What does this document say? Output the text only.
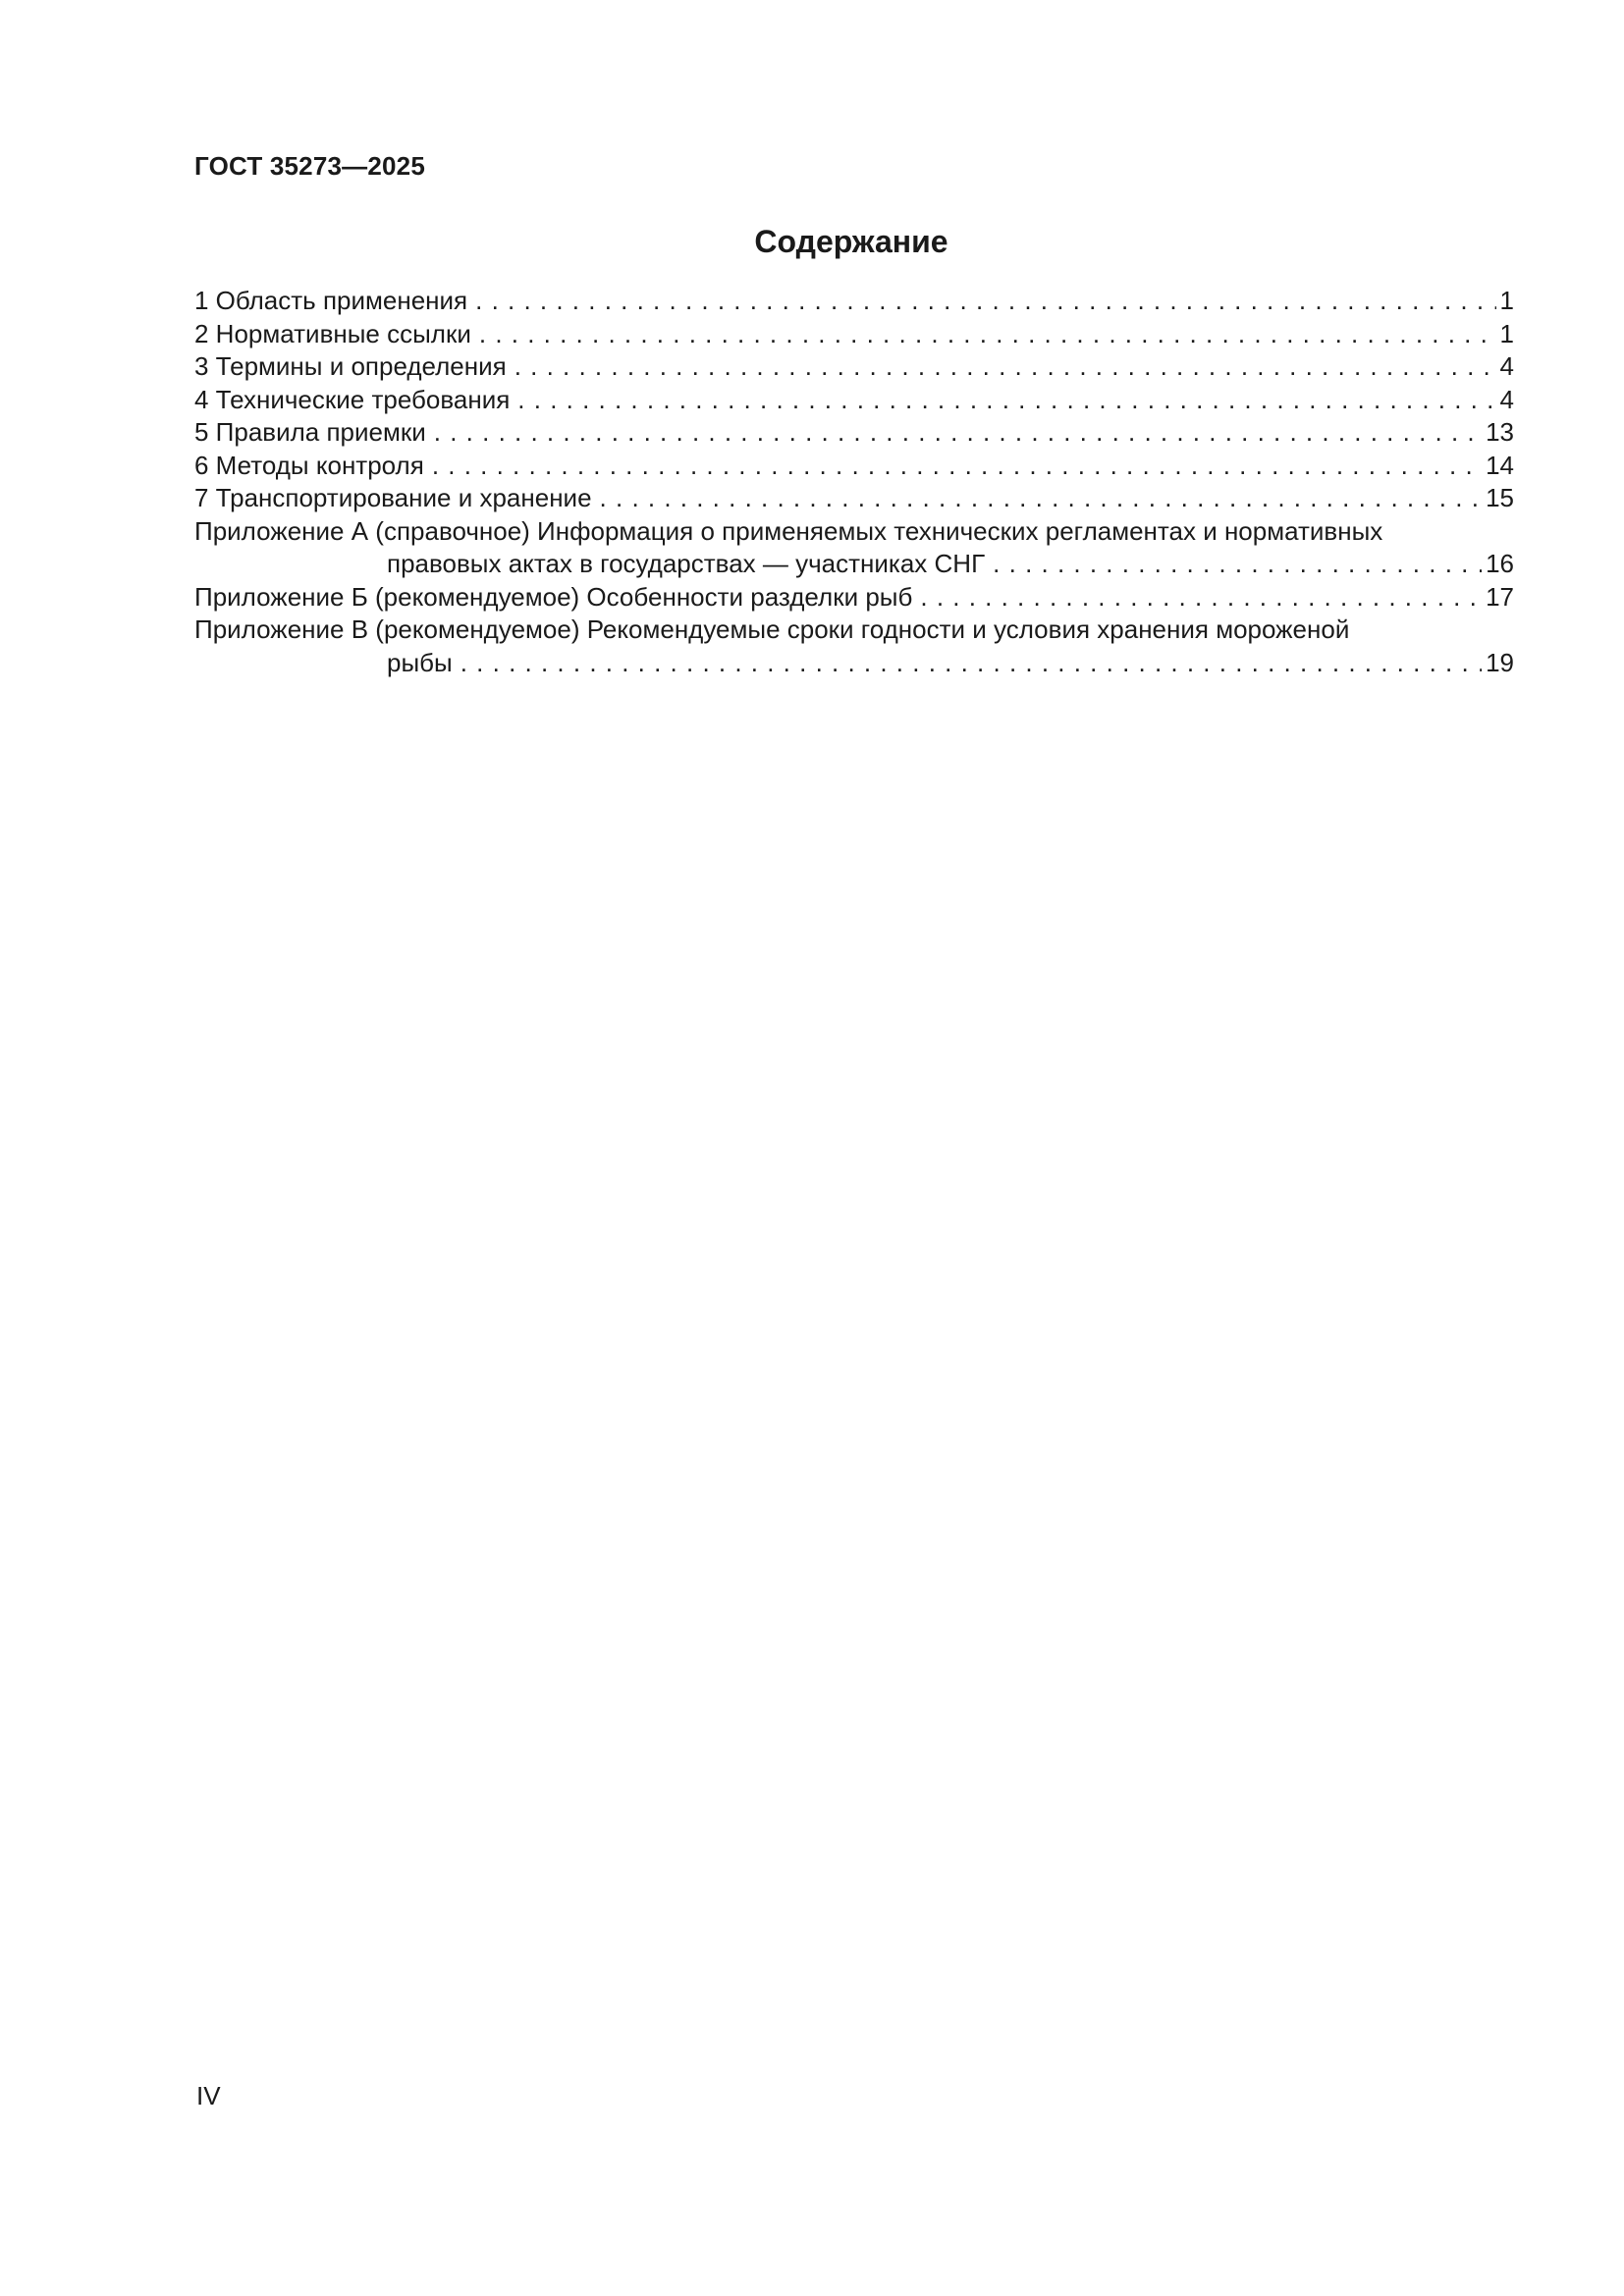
ГОСТ 35273—2025
Содержание
1 Область применения . . .	1
2 Нормативные ссылки . . .	1
3 Термины и определения . . .	4
4 Технические требования . . .	4
5 Правила приемки . . .	13
6 Методы контроля . . .	14
7 Транспортирование и хранение . . .	15
Приложение А (справочное) Информация о применяемых технических регламентах и нормативных
правовых актах в государствах — участниках СНГ . . .	16
Приложение Б (рекомендуемое) Особенности разделки рыб . . .	17
Приложение В (рекомендуемое) Рекомендуемые сроки годности и условия хранения мороженой
рыбы . . .	19
IV
